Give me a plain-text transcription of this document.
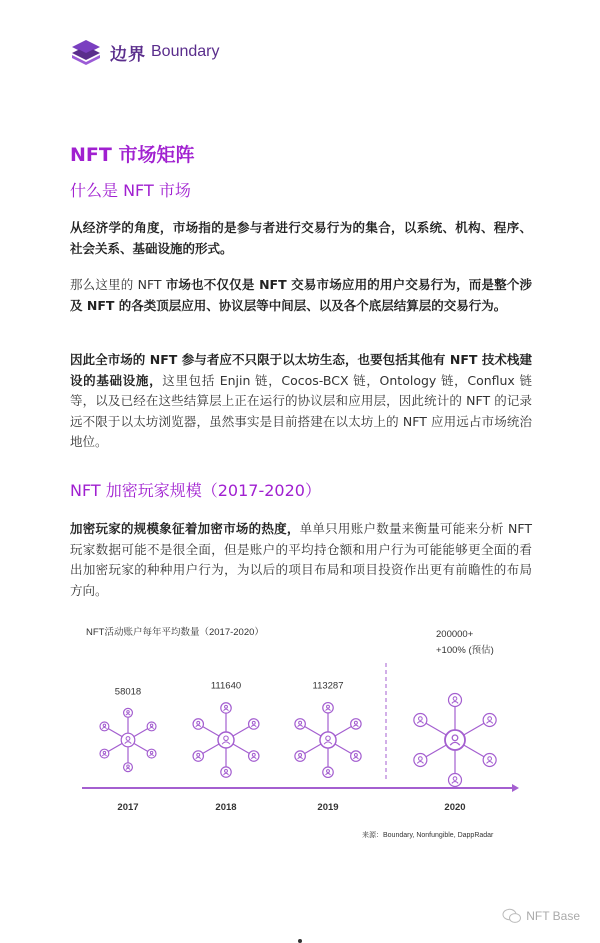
边界 Boundary
NFT 市场矩阵
什么是 NFT 市场
从经济学的角度，市场指的是参与者进行交易行为的集合，以系统、机构、程序、社会关系、基础设施的形式。
那么这里的 NFT 市场也不仅仅是 NFT 交易市场应用的用户交易行为，而是整个涉及 NFT 的各类顶层应用、协议层等中间层、以及各个底层结算层的交易行为。
因此全市场的 NFT 参与者应不只限于以太坊生态，也要包括其他有 NFT 技术栈建设的基础设施，这里包括 Enjin 链，Cocos-BCX 链，Ontology 链，Conflux 链等，以及已经在这些结算层上正在运行的协议层和应用层，因此统计的 NFT 的记录远不限于以太坊浏览器，虽然事实是目前搭建在以太坊上的 NFT 应用远占市场统治地位。
NFT 加密玩家规模（2017-2020）
加密玩家的规模象征着加密市场的热度，单单只用账户数量来衡量可能来分析 NFT 玩家数据可能不是很全面，但是账户的平均持仓额和用户行为可能能够更全面的看出加密玩家的种种用户行为，为以后的项目布局和项目投资作出更有前瞻性的布局方向。
NFT活动账户每年平均数量（2017-2020）
58018
2017
111640
2018
113287
2019
200000+
2020
+100% (预估)
来源：Boundary, Nonfungible, DappRadar
NFT Base
